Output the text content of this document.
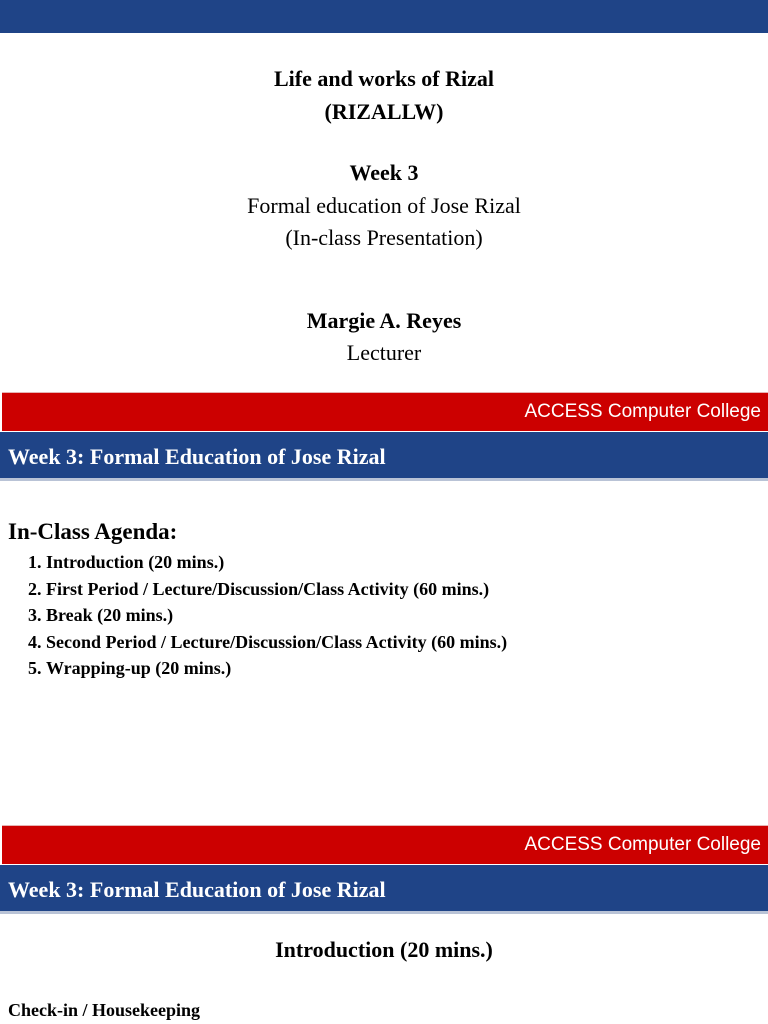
Life and works of Rizal
(RIZALLW)
Week 3
Formal education of Jose Rizal
(In-class Presentation)
Margie A. Reyes
Lecturer
ACCESS Computer College
Week 3: Formal Education of Jose Rizal
In-Class Agenda:
1. Introduction (20 mins.)
2. First Period / Lecture/Discussion/Class Activity (60 mins.)
3. Break (20 mins.)
4. Second Period / Lecture/Discussion/Class Activity (60 mins.)
5. Wrapping-up (20 mins.)
ACCESS Computer College
Week 3: Formal Education of Jose Rizal
Introduction (20 mins.)
Check-in / Housekeeping
